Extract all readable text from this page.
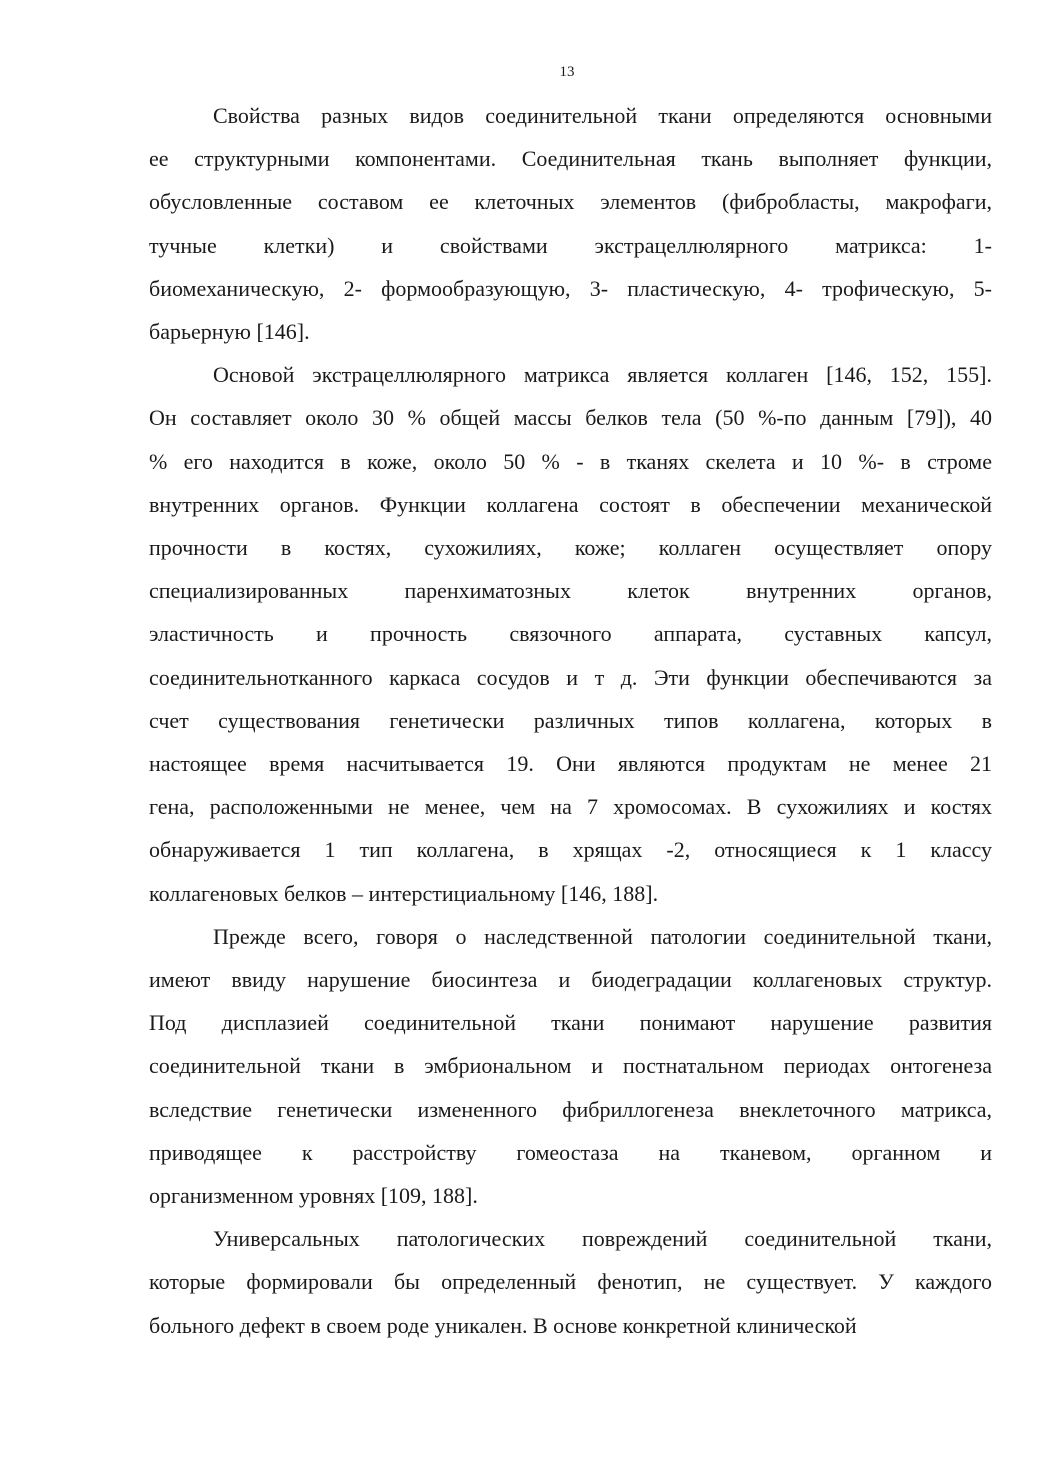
13

Свойства разных видов соединительной ткани определяются основными
ее структурными компонентами. Соединительная ткань выполняет функции,
обусловленные составом ее клеточных элементов (фибробласты, макрофаги,
тучные клетки) и свойствами экстрацеллюлярного матрикса: 1-
биомеханическую, 2- формообразующую, 3- пластическую, 4- трофическую, 5-
барьерную [146].

Основой экстрацеллюлярного матрикса является коллаген [146, 152, 155].
Он составляет около 30 % общей массы белков тела (50 %-по данным [79]), 40
% его находится в коже, около 50 % - в тканях скелета и 10 %- в строме
внутренних органов. Функции коллагена состоят в обеспечении механической
прочности в костях, сухожилиях, коже; коллаген осуществляет опору
специализированных паренхиматозных клеток внутренних органов,
эластичность и прочность связочного аппарата, суставных капсул,
соединительнотканного каркаса сосудов и т д. Эти функции обеспечиваются за
счет существования генетически различных типов коллагена, которых в
настоящее время насчитывается 19. Они являются продуктам не менее 21
гена, расположенными не менее, чем на 7 хромосомах. В сухожилиях и костях
обнаруживается 1 тип коллагена, в хрящах -2, относящиеся к 1 классу
коллагеновых белков – интерстициальному [146, 188].

Прежде всего, говоря о наследственной патологии соединительной ткани,
имеют ввиду нарушение биосинтеза и биодеградации коллагеновых структур.
Под дисплазией соединительной ткани понимают нарушение развития
соединительной ткани в эмбриональном и постнатальном периодах онтогенеза
вследствие генетически измененного фибриллогенеза внеклеточного матрикса,
приводящее к расстройству гомеостаза на тканевом, органном и
организменном уровнях [109, 188].

Универсальных патологических повреждений соединительной ткани,
которые формировали бы определенный фенотип, не существует. У каждого
больного дефект в своем роде уникален. В основе конкретной клинической
